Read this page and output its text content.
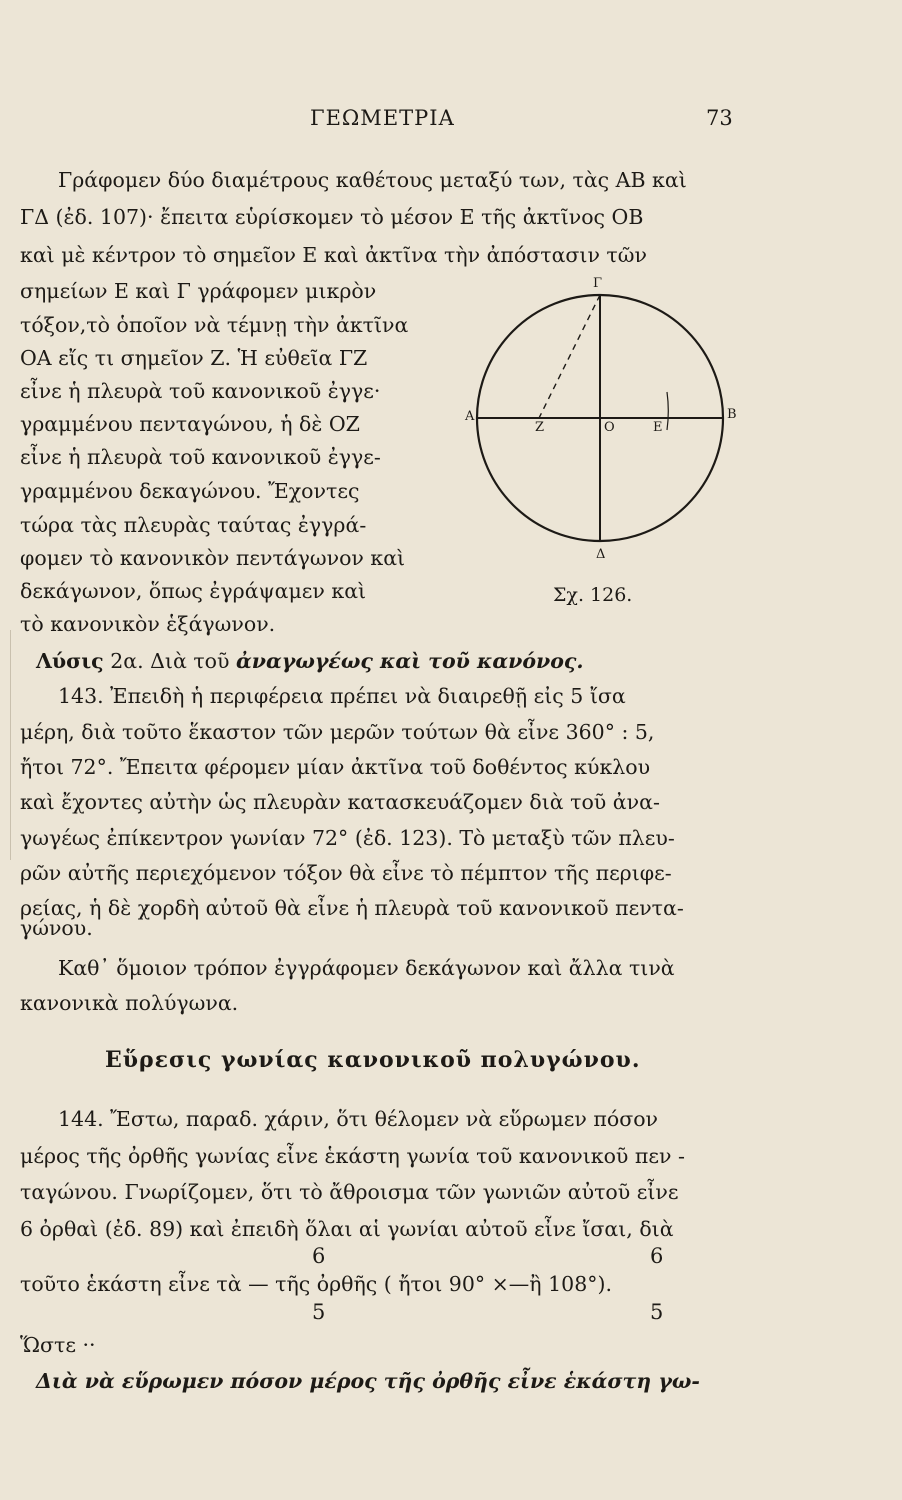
ΓΕΩΜΕΤΡΙΑ	73
Γράφομεν δύο διαμέτρους καθέτους μεταξύ των, τὰς ΑΒ καὶ
ΓΔ (ἐδ. 107)· ἔπειτα εὑρίσκομεν τὸ μέσον Ε τῆς ἀκτῖνος ΟΒ
καὶ μὲ κέντρον τὸ σημεῖον Ε καὶ ἀκτῖνα τὴν ἀπόστασιν τῶν
σημείων Ε καὶ Γ γράφομεν μικρὸν
τόξον,τὸ ὁποῖον νὰ τέμνῃ τὴν ἀκτῖνα
ΟΑ εἴς τι σημεῖον Ζ. Ἡ εὐθεῖα ΓΖ
εἶνε ἡ πλευρὰ τοῦ κανονικοῦ ἐγγε·
γραμμένου πενταγώνου, ἡ δὲ ΟΖ
εἶνε ἡ πλευρὰ τοῦ κανονικοῦ ἐγγε-
γραμμένου δεκαγώνου. Ἔχοντες
τώρα τὰς πλευρὰς ταύτας ἐγγρά-
φομεν τὸ κανονικὸν πεντάγωνον καὶ
δεκάγωνον, ὅπως ἐγράψαμεν καὶ
τὸ κανονικὸν ἑξάγωνον.
Γ
Α	Β
Ζ	Ο	Ε
Δ
Σχ. 126.
Λύσις 2α. Διὰ τοῦ ἀναγωγέως καὶ τοῦ κανόνος.
143. Ἐπειδὴ ἡ περιφέρεια πρέπει νὰ διαιρεθῇ εἰς 5 ἴσα
μέρη, διὰ τοῦτο ἕκαστον τῶν μερῶν τούτων θὰ εἶνε 360° : 5,
ἤτοι 72°. Ἔπειτα φέρομεν μίαν ἀκτῖνα τοῦ δοθέντος κύκλου
καὶ ἔχοντες αὐτὴν ὡς πλευρὰν κατασκευάζομεν διὰ τοῦ ἀνα-
γωγέως ἐπίκεντρον γωνίαν 72° (ἐδ. 123). Τὸ μεταξὺ τῶν πλευ-
ρῶν αὐτῆς περιεχόμενον τόξον θὰ εἶνε τὸ πέμπτον τῆς περιφε-
ρείας, ἡ δὲ χορδὴ αὐτοῦ θὰ εἶνε ἡ πλευρὰ τοῦ κανονικοῦ πεντα-
γώνου.
Καθ᾽ ὅμοιον τρόπον ἐγγράφομεν δεκάγωνον καὶ ἄλλα τινὰ
κανονικὰ πολύγωνα.
Εὕρεσις γωνίας κανονικοῦ πολυγώνου.
144. Ἔστω, παραδ. χάριν, ὅτι θέλομεν νὰ εὕρωμεν πόσον
μέρος τῆς ὀρθῆς γωνίας εἶνε ἑκάστη γωνία τοῦ κανονικοῦ πεν -
ταγώνου. Γνωρίζομεν, ὅτι τὸ ἄθροισμα τῶν γωνιῶν αὐτοῦ εἶνε
6 ὀρθαὶ (ἐδ. 89) καὶ ἐπειδὴ ὅλαι αἱ γωνίαι αὐτοῦ εἶνε ἴσαι, διὰ
6	6
τοῦτο ἑκάστη εἶνε τὰ — τῆς ὀρθῆς ( ἤτοι 90° ×—ἢ 108°).
5	5
Ὥστε ··
Διὰ νὰ εὕρωμεν πόσον μέρος τῆς ὀρθῆς εἶνε ἑκάστη γω-
